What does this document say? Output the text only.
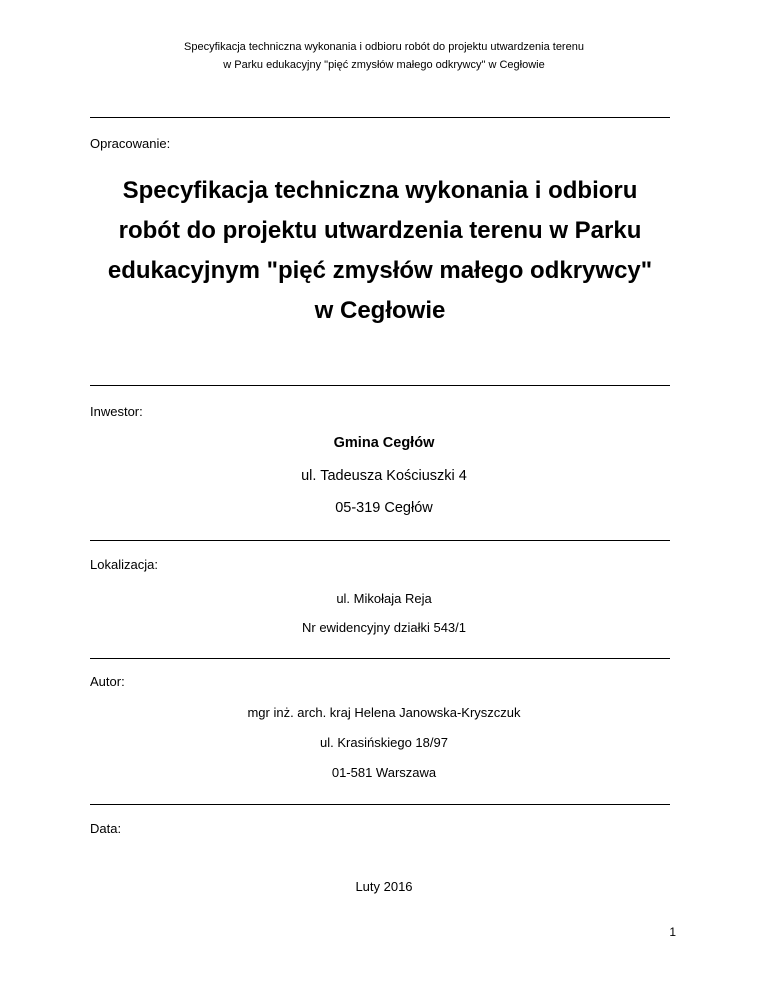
Specyfikacja techniczna wykonania i odbioru robót do projektu utwardzenia terenu
w Parku edukacyjny "pięć zmysłów małego odkrywcy" w Cegłowie
Opracowanie:
Specyfikacja techniczna wykonania i odbioru
robót do projektu utwardzenia terenu w Parku
edukacyjnym "pięć zmysłów małego odkrywcy"
w Cegłowie
Inwestor:
Gmina Cegłów
ul. Tadeusza Kościuszki 4
05-319 Cegłów
Lokalizacja:
ul. Mikołaja Reja
Nr ewidencyjny działki 543/1
Autor:
mgr inż. arch. kraj Helena Janowska-Kryszczuk
ul. Krasińskiego 18/97
01-581 Warszawa
Data:
Luty 2016
1
